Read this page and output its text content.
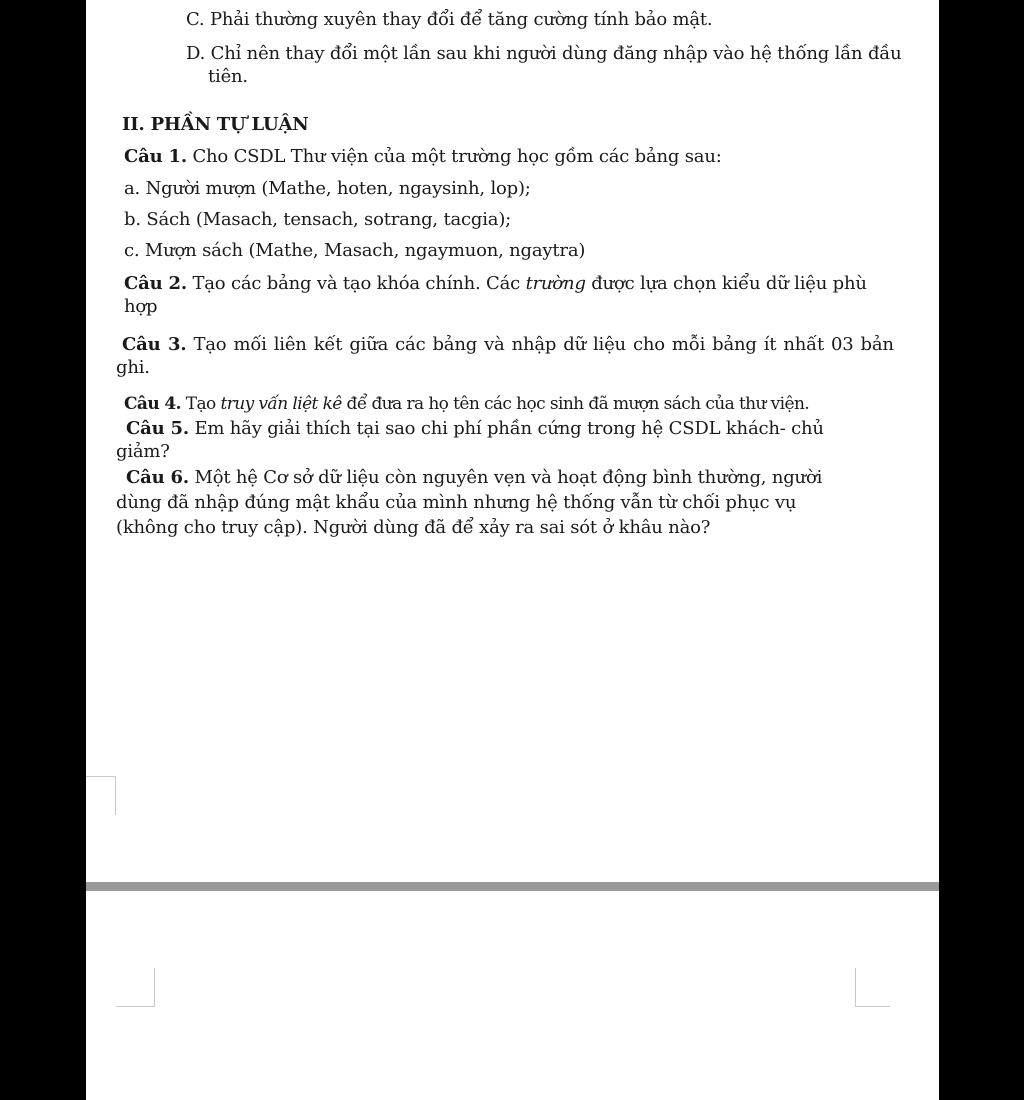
C. Phải thường xuyên thay đổi để tăng cường tính bảo mật.
D. Chỉ nên thay đổi một lần sau khi người dùng đăng nhập vào hệ thống lần đầu
tiên.
II. PHẦN TỰ LUẬN
Câu 1. Cho CSDL Thư viện của một trường học gồm các bảng sau:
a. Người mượn (Mathe, hoten, ngaysinh, lop);
b. Sách (Masach, tensach, sotrang, tacgia);
c. Mượn sách (Mathe, Masach, ngaymuon, ngaytra)
Câu 2. Tạo các bảng và tạo khóa chính. Các trường được lựa chọn kiểu dữ liệu phù
hợp
Câu 3. Tạo mối liên kết giữa các bảng và nhập dữ liệu cho mỗi bảng ít nhất 03 bản
ghi.
Câu 4. Tạo truy vấn liệt kê để đưa ra họ tên các học sinh đã mượn sách của thư viện.
Câu 5. Em hãy giải thích tại sao chi phí phần cứng trong hệ CSDL khách- chủ
giảm?
Câu 6. Một hệ Cơ sở dữ liệu còn nguyên vẹn và hoạt động bình thường, người
dùng đã nhập đúng mật khẩu của mình nhưng hệ thống vẫn từ chối phục vụ
(không cho truy cập). Người dùng đã để xảy ra sai sót ở khâu nào?
